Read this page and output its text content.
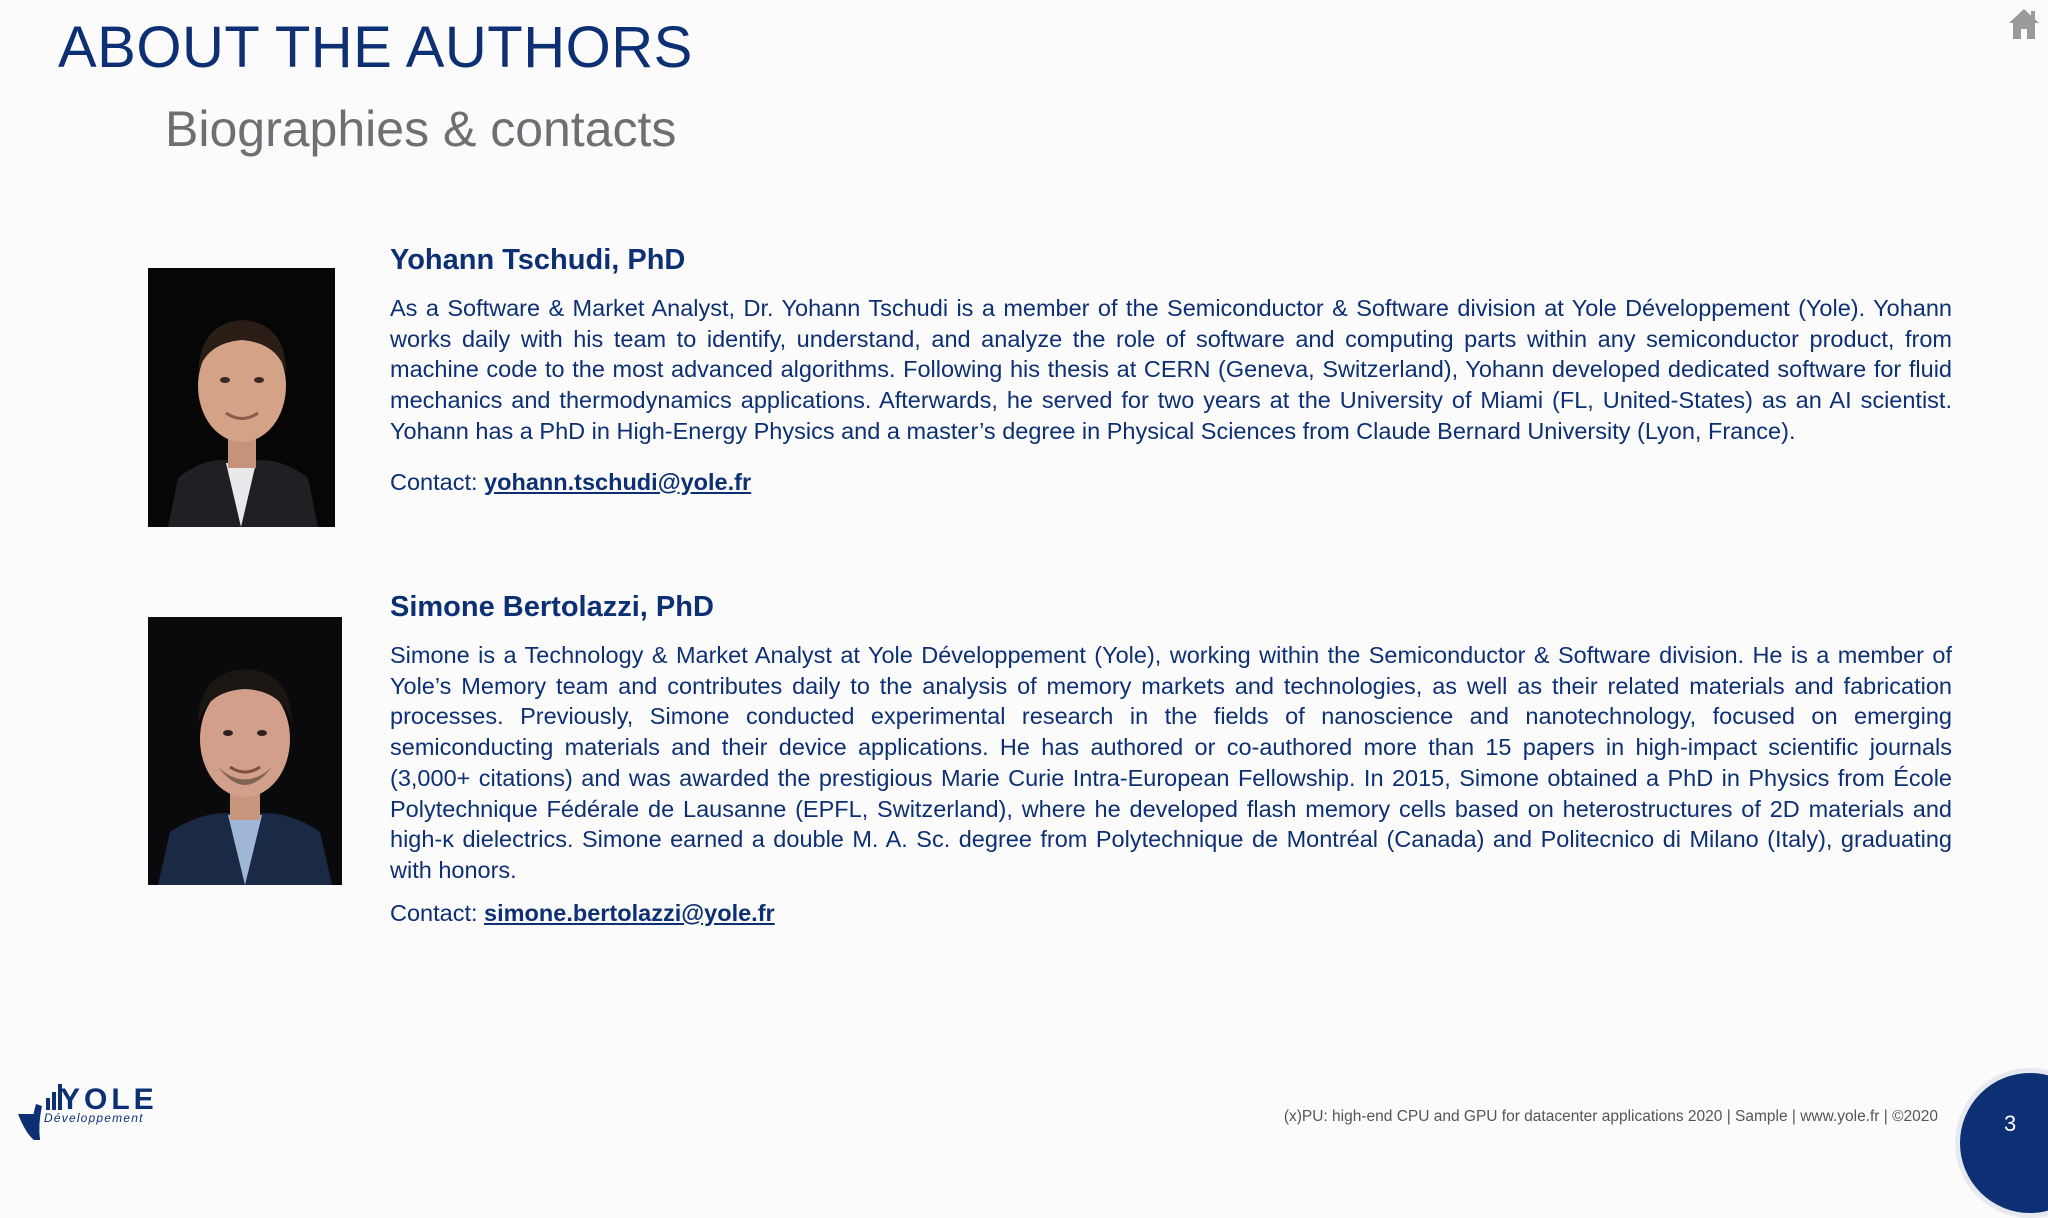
ABOUT THE AUTHORS
Biographies & contacts

Yohann Tschudi, PhD

As a Software & Market Analyst, Dr. Yohann Tschudi is a member of the Semiconductor & Software division at Yole Développement (Yole). Yohann works daily with his team to identify, understand, and analyze the role of software and computing parts within any semiconductor product, from machine code to the most advanced algorithms. Following his thesis at CERN (Geneva, Switzerland), Yohann developed dedicated software for fluid mechanics and thermodynamics applications. Afterwards, he served for two years at the University of Miami (FL, United-States) as an AI scientist. Yohann has a PhD in High-Energy Physics and a master’s degree in Physical Sciences from Claude Bernard University (Lyon, France).

Contact: yohann.tschudi@yole.fr

Simone Bertolazzi, PhD

Simone is a Technology & Market Analyst at Yole Développement (Yole), working within the Semiconductor & Software division. He is a member of Yole’s Memory team and contributes daily to the analysis of memory markets and technologies, as well as their related materials and fabrication processes. Previously, Simone conducted experimental research in the fields of nanoscience and nanotechnology, focused on emerging semiconducting materials and their device applications. He has authored or co-authored more than 15 papers in high-impact scientific journals (3,000+ citations) and was awarded the prestigious Marie Curie Intra-European Fellowship. In 2015, Simone obtained a PhD in Physics from École Polytechnique Fédérale de Lausanne (EPFL, Switzerland), where he developed flash memory cells based on heterostructures of 2D materials and high-κ dielectrics. Simone earned a double M. A. Sc. degree from Polytechnique de Montréal (Canada) and Politecnico di Milano (Italy), graduating with honors.

Contact: simone.bertolazzi@yole.fr

YOLE

Développement	(x)PU: high-end CPU and GPU for datacenter applications 2020 | Sample | www.yole.fr | ©2020	3
